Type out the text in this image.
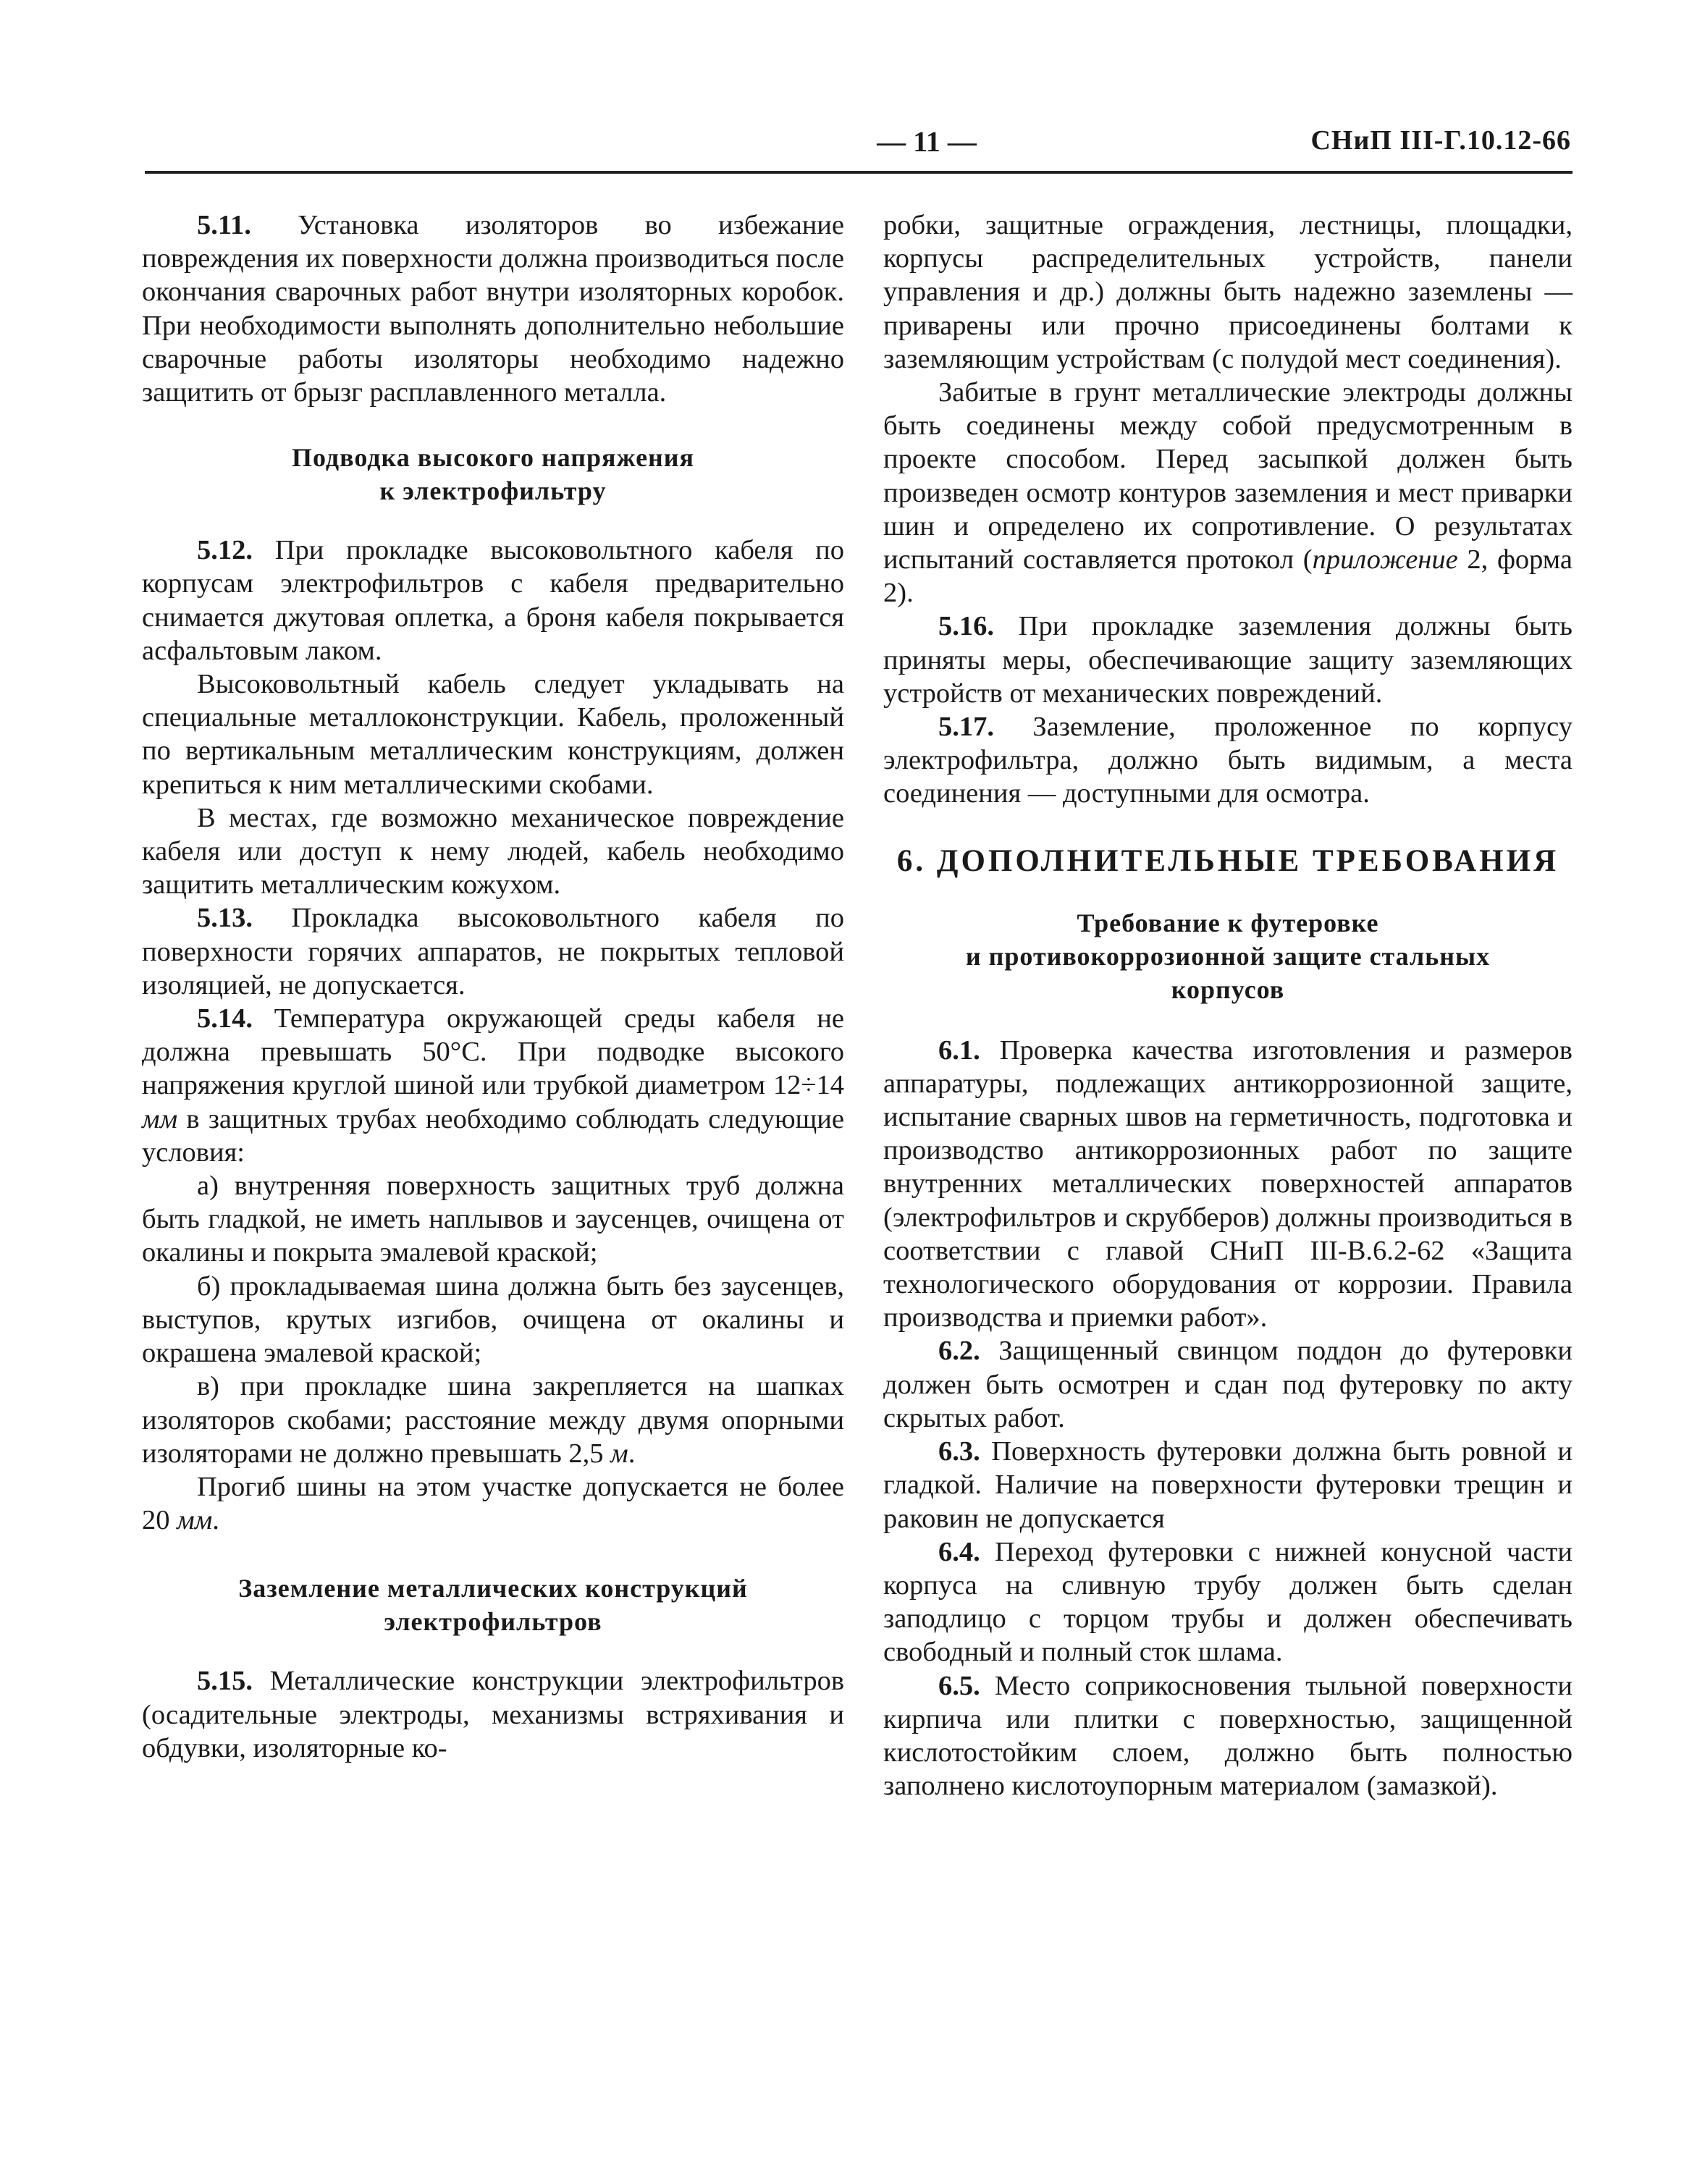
— 11 —	СНиП III-Г.10.12-66

5.11. Установка изоляторов во избежание повреждения их поверхности должна производиться после окончания сварочных работ внутри изоляторных коробок. При необходимости выполнять дополнительно небольшие сварочные работы изоляторы необходимо надежно защитить от брызг расплавленного металла.

Подводка высокого напряжения
к электрофильтру

5.12. При прокладке высоковольтного кабеля по корпусам электрофильтров с кабеля предварительно снимается джутовая оплетка, а броня кабеля покрывается асфальтовым лаком.

Высоковольтный кабель следует укладывать на специальные металлоконструкции. Кабель, проложенный по вертикальным металлическим конструкциям, должен крепиться к ним металлическими скобами.

В местах, где возможно механическое повреждение кабеля или доступ к нему людей, кабель необходимо защитить металлическим кожухом.

5.13. Прокладка высоковольтного кабеля по поверхности горячих аппаратов, не покрытых тепловой изоляцией, не допускается.

5.14. Температура окружающей среды кабеля не должна превышать 50°С. При подводке высокого напряжения круглой шиной или трубкой диаметром 12÷14 мм в защитных трубах необходимо соблюдать следующие условия:

а) внутренняя поверхность защитных труб должна быть гладкой, не иметь наплывов и заусенцев, очищена от окалины и покрыта эмалевой краской;

б) прокладываемая шина должна быть без заусенцев, выступов, крутых изгибов, очищена от окалины и окрашена эмалевой краской;

в) при прокладке шина закрепляется на шапках изоляторов скобами; расстояние между двумя опорными изоляторами не должно превышать 2,5 м.

Прогиб шины на этом участке допускается не более 20 мм.

Заземление металлических конструкций
электрофильтров

5.15. Металлические конструкции электрофильтров (осадительные электроды, механизмы встряхивания и обдувки, изоляторные ко-

робки, защитные ограждения, лестницы, площадки, корпусы распределительных устройств, панели управления и др.) должны быть надежно заземлены — приварены или прочно присоединены болтами к заземляющим устройствам (с полудой мест соединения).

Забитые в грунт металлические электроды должны быть соединены между собой предусмотренным в проекте способом. Перед засыпкой должен быть произведен осмотр контуров заземления и мест приварки шин и определено их сопротивление. О результатах испытаний составляется протокол (приложение 2, форма 2).

5.16. При прокладке заземления должны быть приняты меры, обеспечивающие защиту заземляющих устройств от механических повреждений.

5.17. Заземление, проложенное по корпусу электрофильтра, должно быть видимым, а места соединения — доступными для осмотра.

6. ДОПОЛНИТЕЛЬНЫЕ ТРЕБОВАНИЯ
Требование к футеровке
и противокоррозионной защите стальных
корпусов

6.1. Проверка качества изготовления и размеров аппаратуры, подлежащих антикоррозионной защите, испытание сварных швов на герметичность, подготовка и производство антикоррозионных работ по защите внутренних металлических поверхностей аппаратов (электрофильтров и скрубберов) должны производиться в соответствии с главой СНиП III-В.6.2-62 «Защита технологического оборудования от коррозии. Правила производства и приемки работ».

6.2. Защищенный свинцом поддон до футеровки должен быть осмотрен и сдан под футеровку по акту скрытых работ.

6.3. Поверхность футеровки должна быть ровной и гладкой. Наличие на поверхности футеровки трещин и раковин не допускается

6.4. Переход футеровки с нижней конусной части корпуса на сливную трубу должен быть сделан заподлицо с торцом трубы и должен обеспечивать свободный и полный сток шлама.

6.5. Место соприкосновения тыльной поверхности кирпича или плитки с поверхностью, защищенной кислотостойким слоем, должно быть полностью заполнено кислотоупорным материалом (замазкой).
